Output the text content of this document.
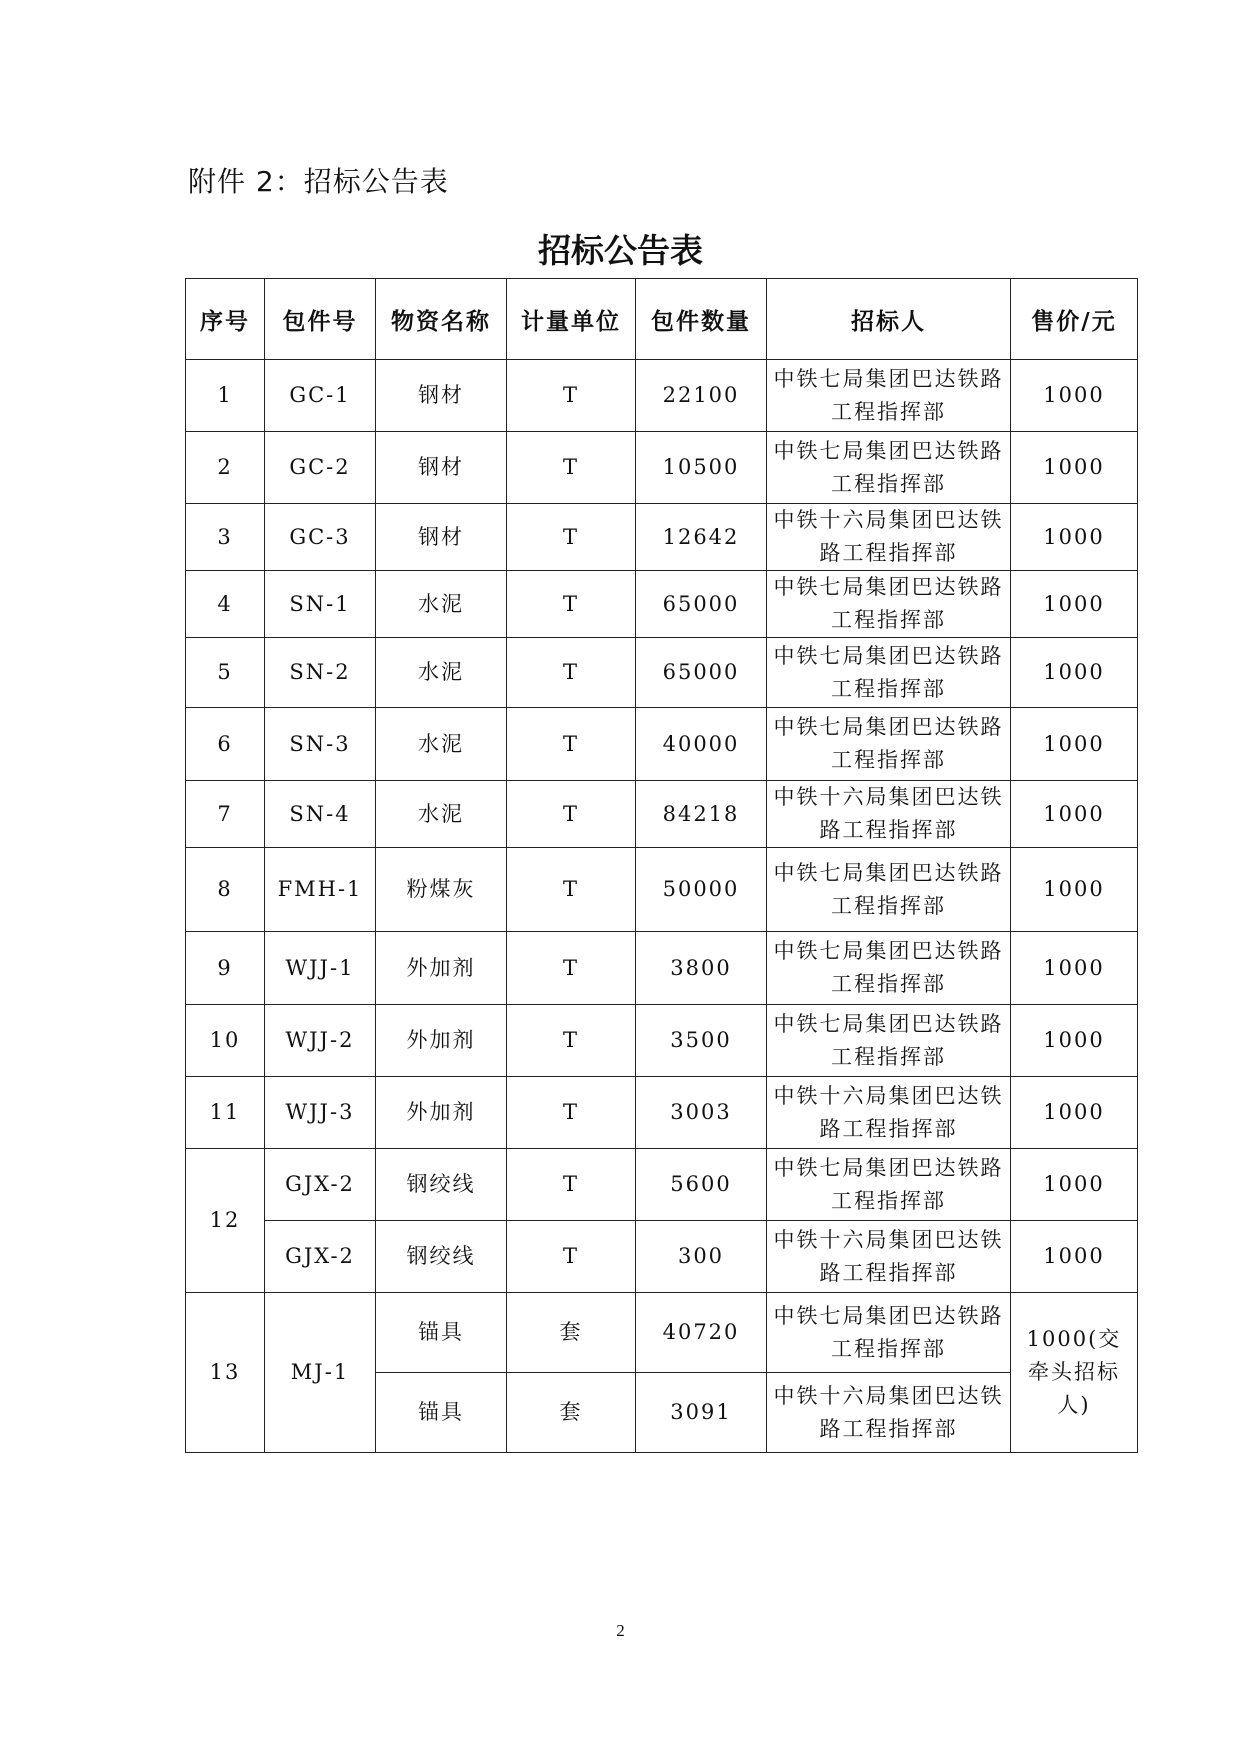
附件 2：招标公告表
招标公告表
序号	包件号	物资名称	计量单位	包件数量	招标人	售价/元
1	GC-1	钢材	T	22100	中铁七局集团巴达铁路工程指挥部	1000
2	GC-2	钢材	T	10500	中铁七局集团巴达铁路工程指挥部	1000
3	GC-3	钢材	T	12642	中铁十六局集团巴达铁路工程指挥部	1000
4	SN-1	水泥	T	65000	中铁七局集团巴达铁路工程指挥部	1000
5	SN-2	水泥	T	65000	中铁七局集团巴达铁路工程指挥部	1000
6	SN-3	水泥	T	40000	中铁七局集团巴达铁路工程指挥部	1000
7	SN-4	水泥	T	84218	中铁十六局集团巴达铁路工程指挥部	1000
8	FMH-1	粉煤灰	T	50000	中铁七局集团巴达铁路工程指挥部	1000
9	WJJ-1	外加剂	T	3800	中铁七局集团巴达铁路工程指挥部	1000
10	WJJ-2	外加剂	T	3500	中铁七局集团巴达铁路工程指挥部	1000
11	WJJ-3	外加剂	T	3003	中铁十六局集团巴达铁路工程指挥部	1000
12	GJX-2	钢绞线	T	5600	中铁七局集团巴达铁路工程指挥部	1000
	GJX-2	钢绞线	T	300	中铁十六局集团巴达铁路工程指挥部	1000
13	MJ-1	锚具	套	40720	中铁七局集团巴达铁路工程指挥部	1000(交牵头招标人)
		锚具	套	3091	中铁十六局集团巴达铁路工程指挥部	
2
